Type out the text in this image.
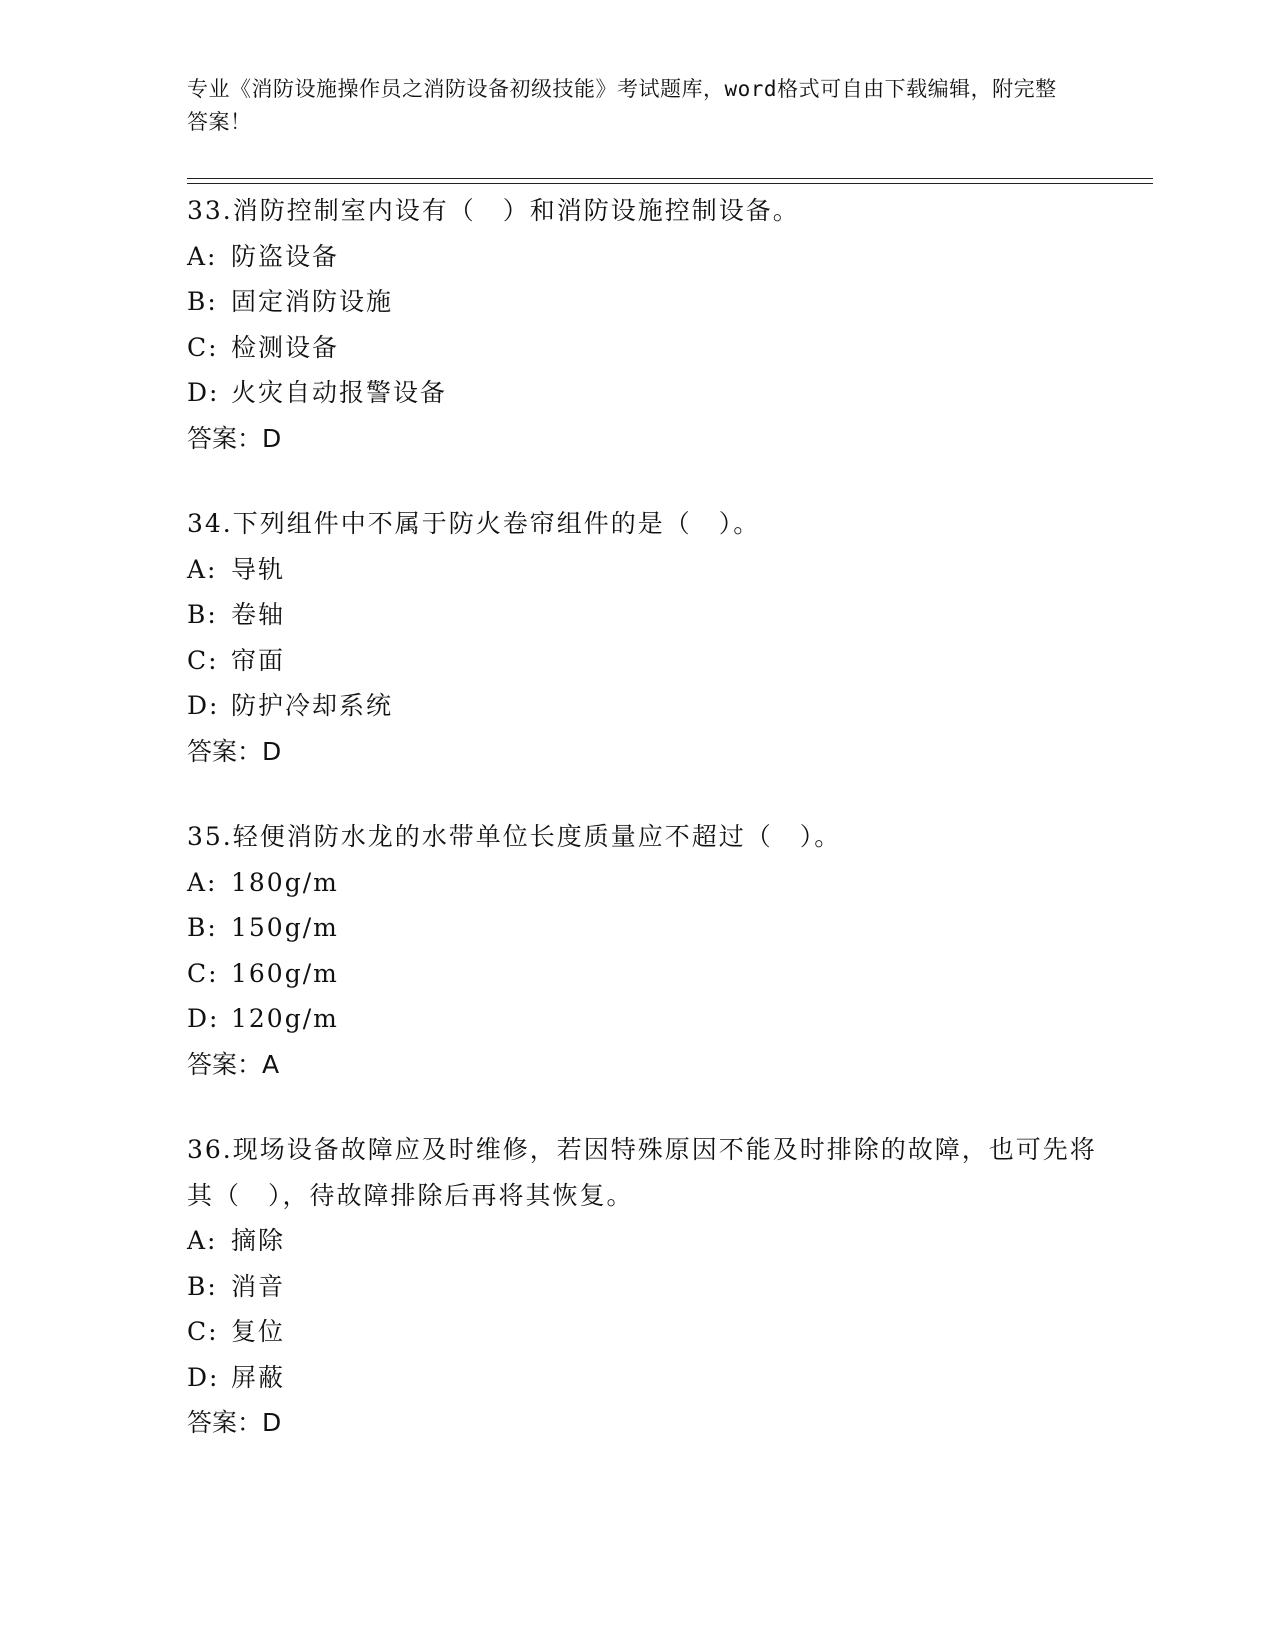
专业《消防设施操作员之消防设备初级技能》考试题库，word格式可自由下载编辑，附完整答案！

33.消防控制室内设有（　）和消防设施控制设备。

A: 防盗设备

B: 固定消防设施

C: 检测设备

D: 火灾自动报警设备

答案：D

34.下列组件中不属于防火卷帘组件的是（　）。

A: 导轨

B: 卷轴

C: 帘面

D: 防护冷却系统

答案：D

35.轻便消防水龙的水带单位长度质量应不超过（　）。

A: 180g/m

B: 150g/m

C: 160g/m

D: 120g/m

答案：A

36.现场设备故障应及时维修，若因特殊原因不能及时排除的故障，也可先将其（　），待故障排除后再将其恢复。

A: 摘除

B: 消音

C: 复位

D: 屏蔽

答案：D
